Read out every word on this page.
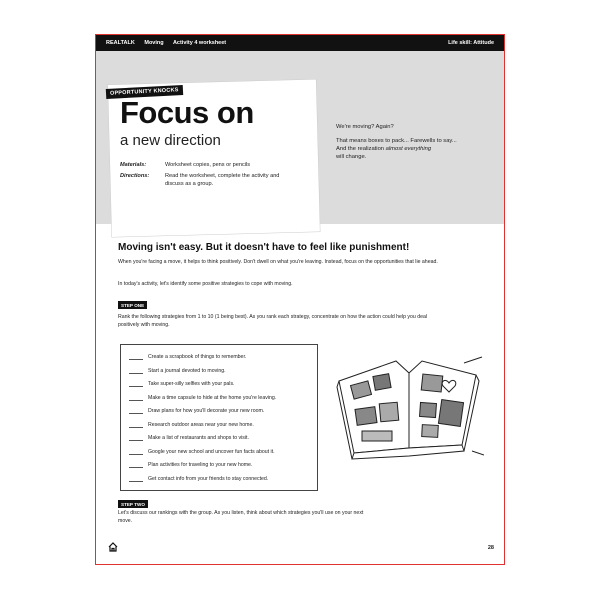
REALTALK Moving Activity 4 worksheet	Life skill: Attitude
OPPORTUNITY KNOCKS
Focus on
a new direction
Materials:	Worksheet copies, pens or pencils
Directions:	Read the worksheet, complete the activity and discuss as a group.

We're moving? Again?

That means boxes to pack... Farewells to say...

And the realization almost everything

will change.

Moving isn't easy. But it doesn't have to feel like punishment!
When you're facing a move, it helps to think positively. Don't dwell on what you're leaving. Instead, focus on the opportunities that lie ahead.
In today's activity, let's identify some positive strategies to cope with moving.
STEP ONE
Rank the following strategies from 1 to 10 (1 being best). As you rank each strategy, concentrate on how the action could help you deal positively with moving.
Create a scrapbook of things to remember.
Start a journal devoted to moving.
Take super-silly selfies with your pals.
Make a time capsule to hide at the home you're leaving.
Draw plans for how you'll decorate your new room.
Research outdoor areas near your new home.
Make a list of restaurants and shops to visit.
Google your new school and uncover fun facts about it.
Plan activities for traveling to your new home.
Get contact info from your friends to stay connected.
STEP TWO
Let's discuss our rankings with the group. As you listen, think about which strategies you'll use on your next move.
28
